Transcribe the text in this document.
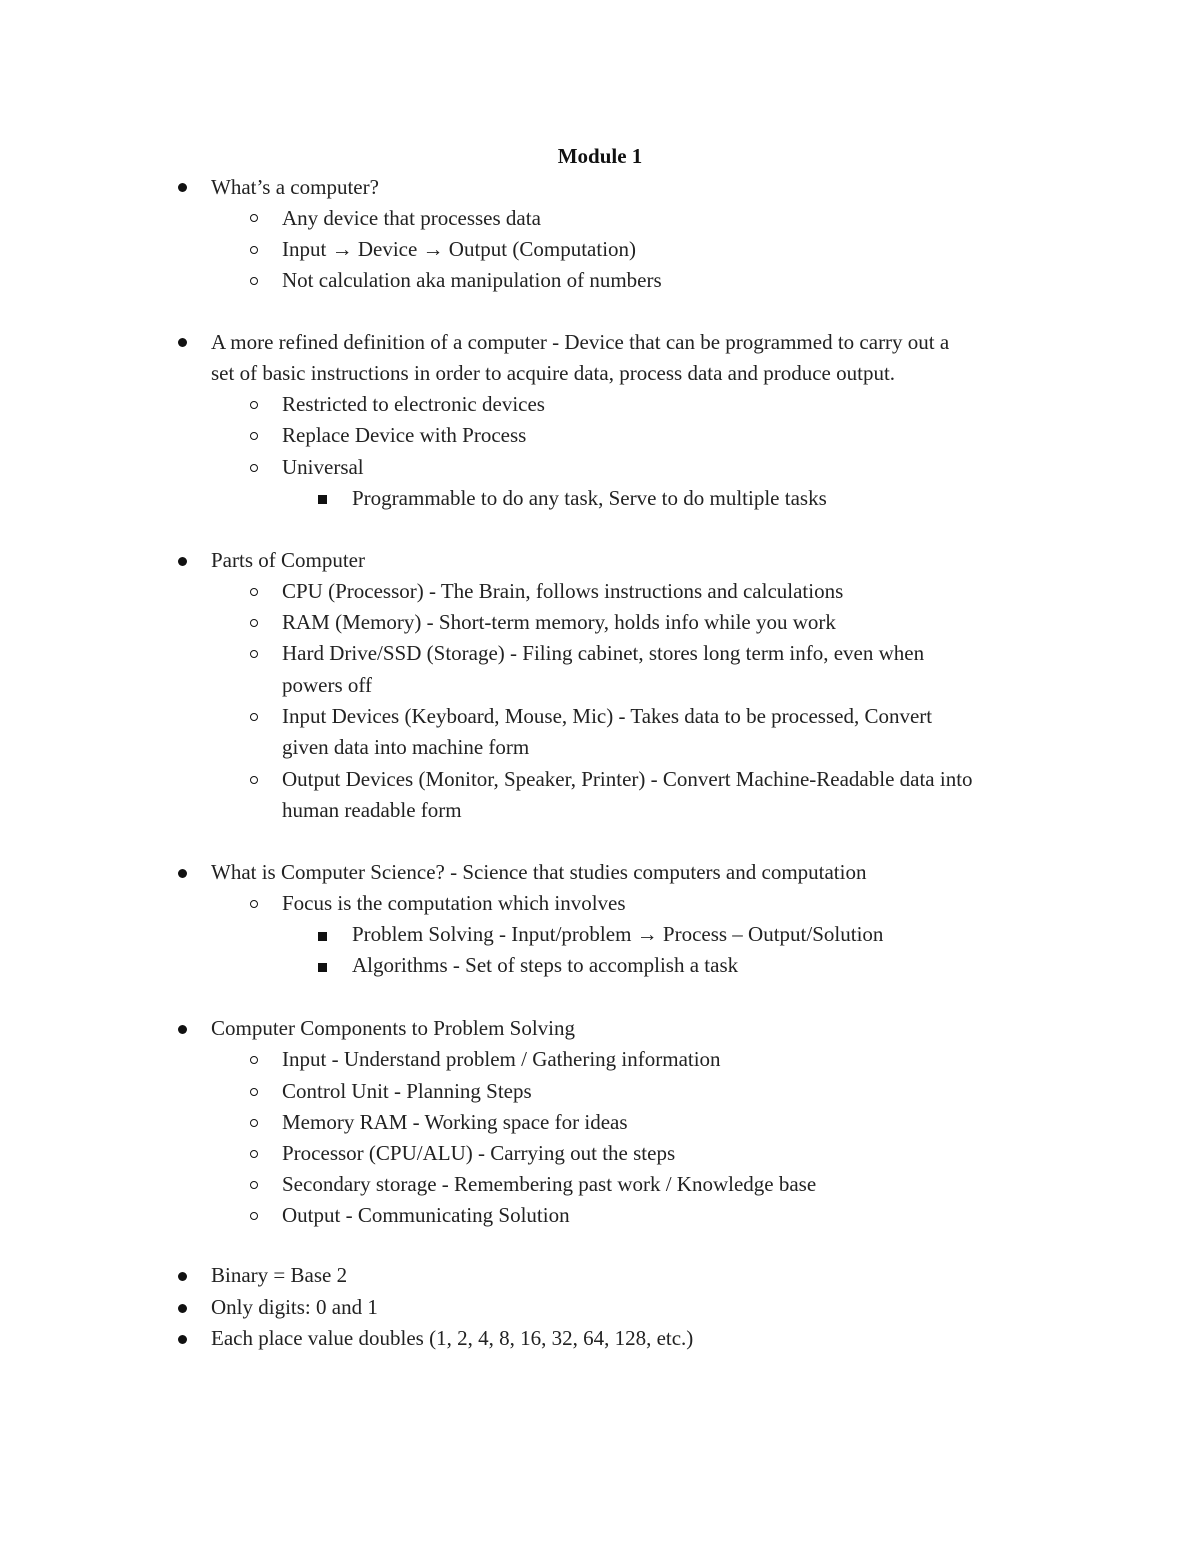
Module 1
What’s a computer?
Any device that processes data
Input → Device → Output (Computation)
Not calculation aka manipulation of numbers
A more refined definition of a computer - Device that can be programmed to carry out a
set of basic instructions in order to acquire data, process data and produce output.
Restricted to electronic devices
Replace Device with Process
Universal
Programmable to do any task, Serve to do multiple tasks
Parts of Computer
CPU (Processor) - The Brain, follows instructions and calculations
RAM (Memory) - Short-term memory, holds info while you work
Hard Drive/SSD (Storage) - Filing cabinet, stores long term info, even when
powers off
Input Devices (Keyboard, Mouse, Mic) - Takes data to be processed, Convert
given data into machine form
Output Devices (Monitor, Speaker, Printer) - Convert Machine-Readable data into
human readable form
What is Computer Science? - Science that studies computers and computation
Focus is the computation which involves
Problem Solving - Input/problem → Process – Output/Solution
Algorithms - Set of steps to accomplish a task
Computer Components to Problem Solving
Input - Understand problem / Gathering information
Control Unit - Planning Steps
Memory RAM - Working space for ideas
Processor (CPU/ALU) - Carrying out the steps
Secondary storage - Remembering past work / Knowledge base
Output - Communicating Solution
Binary = Base 2
Only digits: 0 and 1
Each place value doubles (1, 2, 4, 8, 16, 32, 64, 128, etc.)
